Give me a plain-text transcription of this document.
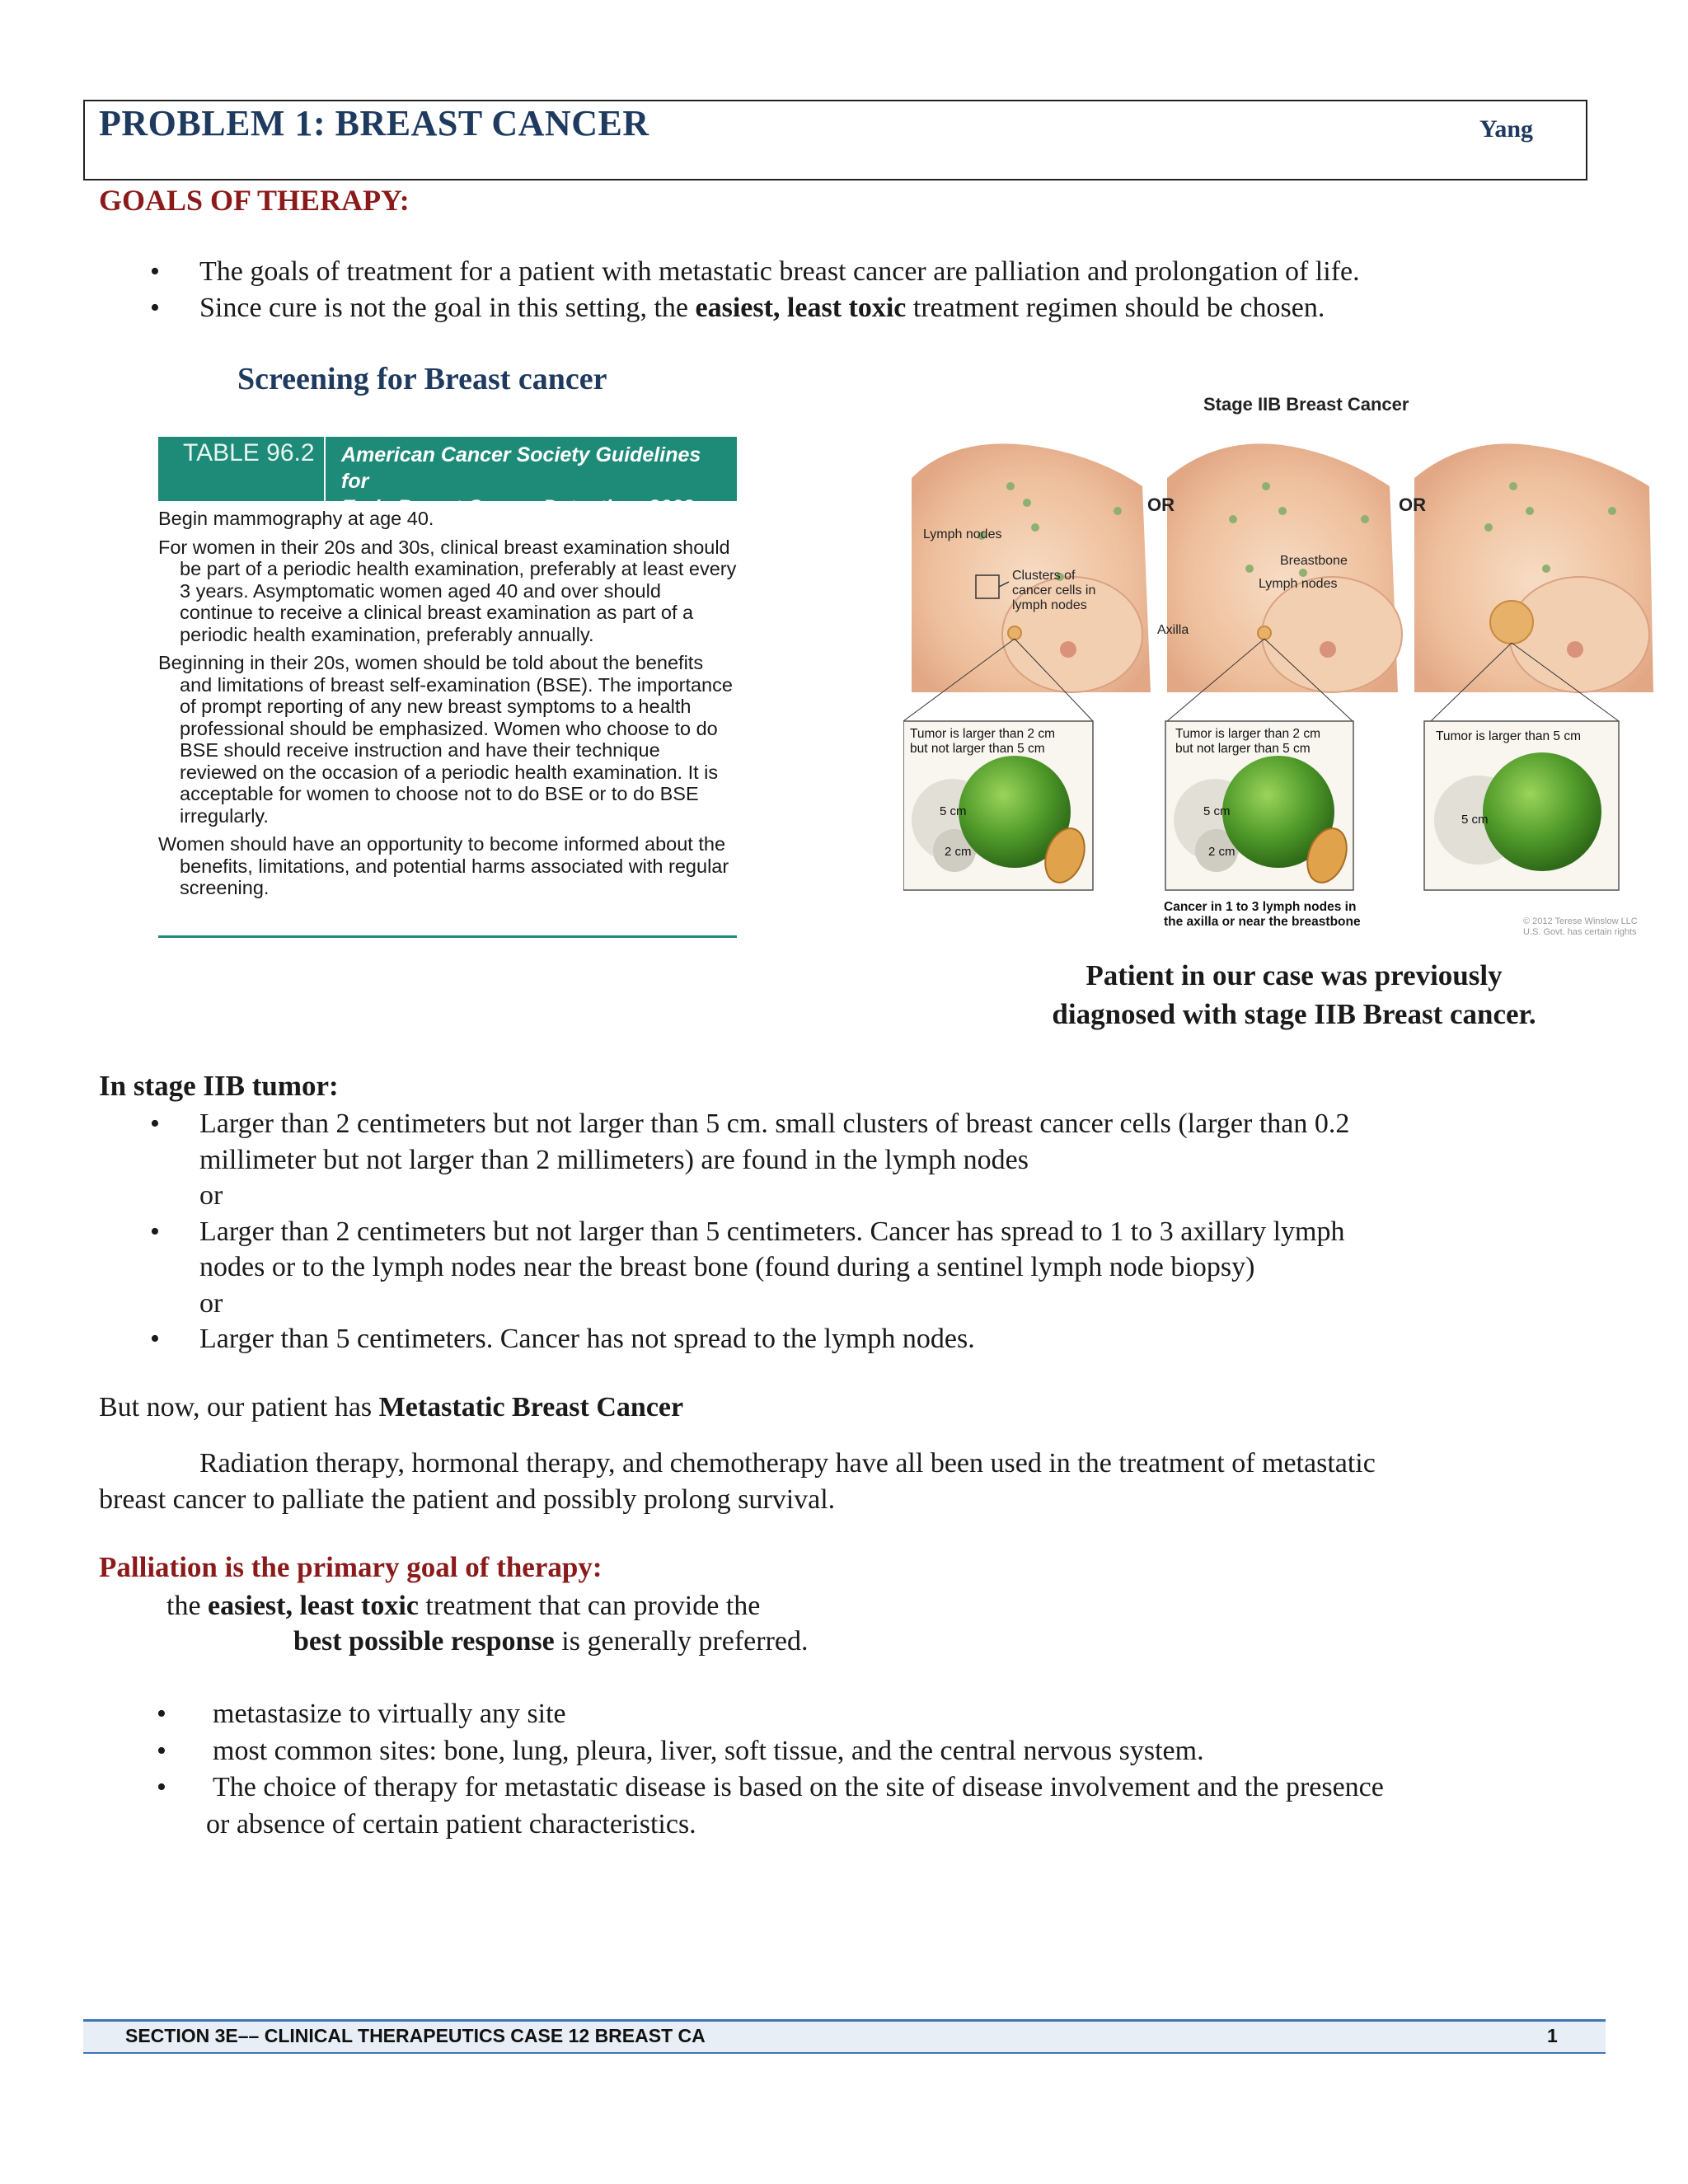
PROBLEM 1: BREAST CANCER	Yang
GOALS OF THERAPY:
• The goals of treatment for a patient with metastatic breast cancer are palliation and prolongation of life.
• Since cure is not the goal in this setting, the easiest, least toxic treatment regimen should be chosen.
Screening for Breast cancer
TABLE 96.2	American Cancer Society Guidelines for
Early Breast Cancer Detection, 2003

Begin mammography at age 40.

For women in their 20s and 30s, clinical breast examination should be part of a periodic health examination, preferably at least every 3 years. Asymptomatic women aged 40 and over should continue to receive a clinical breast examination as part of a periodic health examination, preferably annually.

Beginning in their 20s, women should be told about the benefits and limitations of breast self-examination (BSE). The importance of prompt reporting of any new breast symptoms to a health professional should be emphasized. Women who choose to do BSE should receive instruction and have their technique reviewed on the occasion of a periodic health examination. It is acceptable for women to choose not to do BSE or to do BSE irregularly.

Women should have an opportunity to become informed about the benefits, limitations, and potential harms associated with regular screening.

Stage IIB Breast Cancer
OR	OR
Lymph nodes
Clusters of
cancer cells in
lymph nodes
Breastbone
Lymph nodes
Axilla
Tumor is larger than 2 cm
but not larger than 5 cm
Tumor is larger than 2 cm
but not larger than 5 cm
Tumor is larger than 5 cm
5 cm
2 cm
5 cm
2 cm
5 cm
Cancer in 1 to 3 lymph nodes in
the axilla or near the breastbone	© 2012 Terese Winslow LLC
U.S. Govt. has certain rights
Patient in our case was previously
diagnosed with stage IIB Breast cancer.
In stage IIB tumor:
• Larger than 2 centimeters but not larger than 5 cm. small clusters of breast cancer cells (larger than 0.2
millimeter but not larger than 2 millimeters) are found in the lymph nodes
or
• Larger than 2 centimeters but not larger than 5 centimeters. Cancer has spread to 1 to 3 axillary lymph
nodes or to the lymph nodes near the breast bone (found during a sentinel lymph node biopsy)
or
• Larger than 5 centimeters. Cancer has not spread to the lymph nodes.
But now, our patient has Metastatic Breast Cancer
Radiation therapy, hormonal therapy, and chemotherapy have all been used in the treatment of metastatic
breast cancer to palliate the patient and possibly prolong survival.
Palliation is the primary goal of therapy:
the easiest, least toxic treatment that can provide the
best possible response is generally preferred.
• metastasize to virtually any site
• most common sites: bone, lung, pleura, liver, soft tissue, and the central nervous system.
• The choice of therapy for metastatic disease is based on the site of disease involvement and the presence
or absence of certain patient characteristics.
SECTION 3E–– CLINICAL THERAPEUTICS CASE 12 BREAST CA	1
